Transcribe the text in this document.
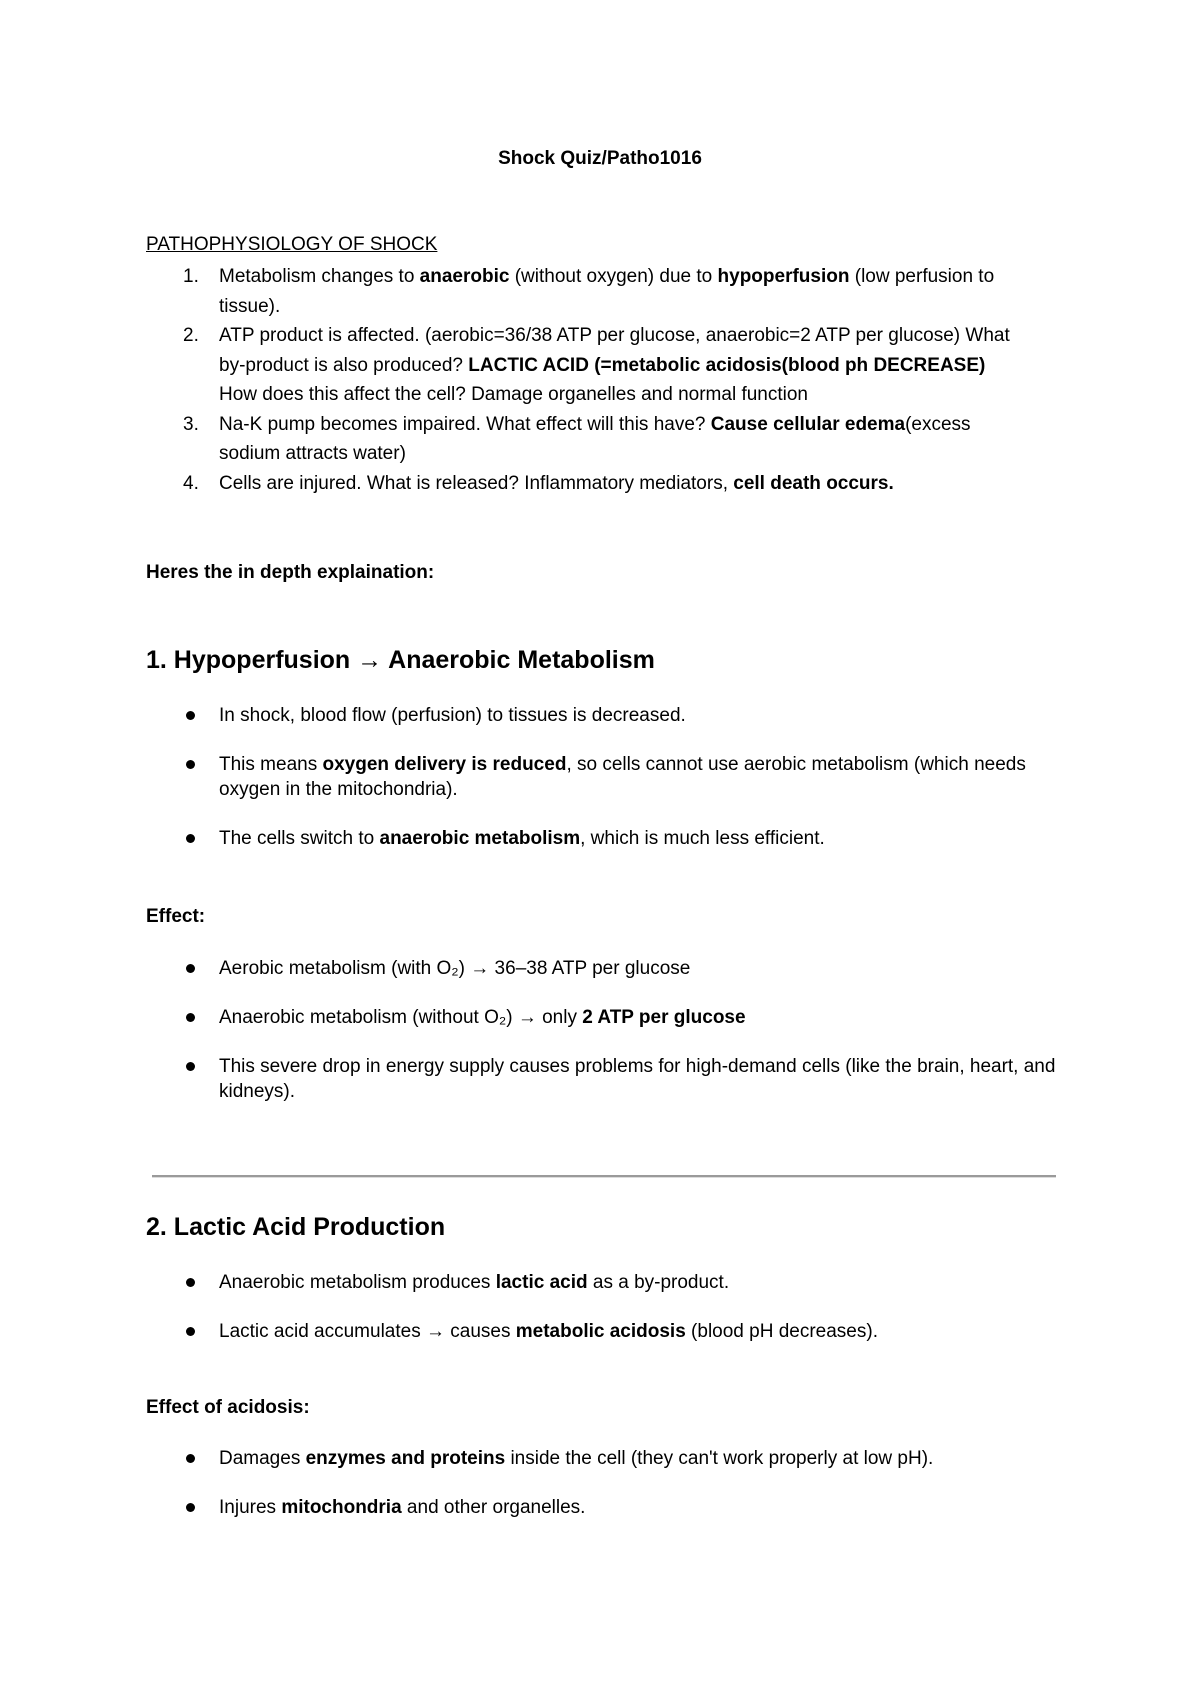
Shock Quiz/Patho1016
PATHOPHYSIOLOGY OF SHOCK
1. Metabolism changes to anaerobic (without oxygen) due to hypoperfusion (low perfusion to tissue).
2. ATP product is affected. (aerobic=36/38 ATP per glucose, anaerobic=2 ATP per glucose) What by-product is also produced? LACTIC ACID (=metabolic acidosis(blood ph DECREASE)
How does this affect the cell? Damage organelles and normal function
3. Na-K pump becomes impaired. What effect will this have? Cause cellular edema(excess sodium attracts water)
4. Cells are injured. What is released? Inflammatory mediators, cell death occurs.

Heres the in depth explaination:

1. Hypoperfusion → Anaerobic Metabolism
In shock, blood flow (perfusion) to tissues is decreased.
This means oxygen delivery is reduced, so cells cannot use aerobic metabolism (which needs oxygen in the mitochondria).
The cells switch to anaerobic metabolism, which is much less efficient.

Effect:

Aerobic metabolism (with O₂) → 36–38 ATP per glucose
Anaerobic metabolism (without O₂) → only 2 ATP per glucose
This severe drop in energy supply causes problems for high-demand cells (like the brain, heart, and kidneys).
2. Lactic Acid Production
Anaerobic metabolism produces lactic acid as a by-product.
Lactic acid accumulates → causes metabolic acidosis (blood pH decreases).

Effect of acidosis:

Damages enzymes and proteins inside the cell (they can't work properly at low pH).
Injures mitochondria and other organelles.
